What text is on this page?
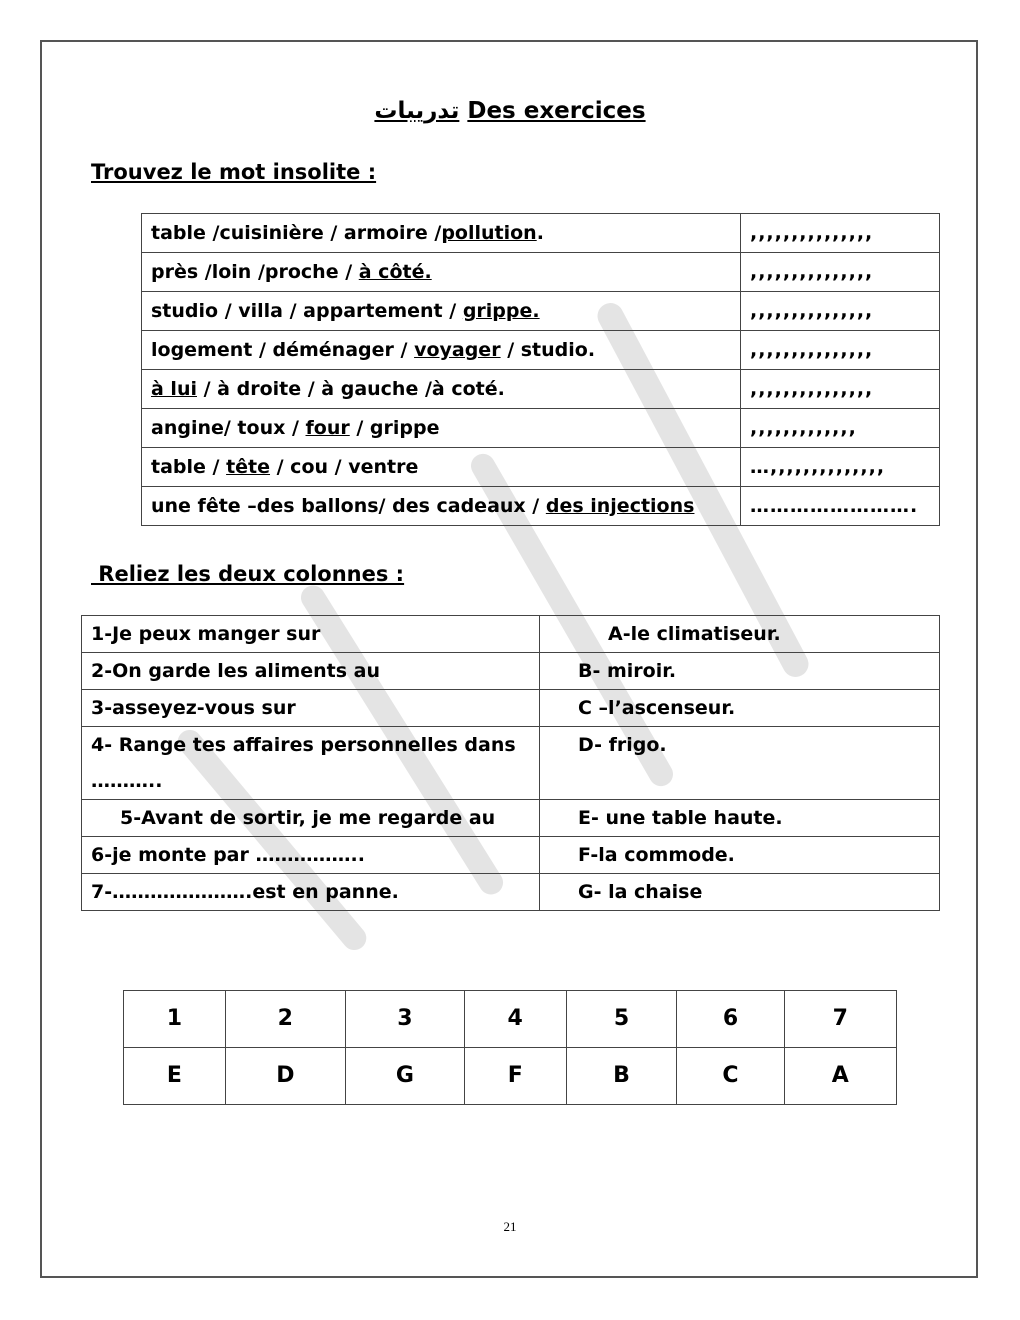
تدريبات Des exercices
Trouvez le mot insolite :
table /cuisinière / armoire /pollution.	,,,,,,,,,,,,,,,
près /loin /proche / à côté.	,,,,,,,,,,,,,,,
studio / villa / appartement / grippe.	,,,,,,,,,,,,,,,
logement / déménager / voyager / studio.	,,,,,,,,,,,,,,,
à lui / à droite / à gauche /à coté.	,,,,,,,,,,,,,,,
angine/ toux / four / grippe	,,,,,,,,,,,,,
table / tête / cou / ventre	…,,,,,,,,,,,,,,
une fête –des ballons/ des cadeaux / des injections	…………………….
Reliez les deux colonnes :
1-Je peux manger sur	A-le climatiseur.
2-On garde les aliments au	B- miroir.
3-asseyez-vous sur	C –l’ascenseur.
4- Range tes affaires personnelles dans ………..	D- frigo.
5-Avant de sortir, je me regarde au	E- une table haute.
6-je monte par ……………..	F-la commode.
7-………………….est en panne.	G- la chaise
1	2	3	4	5	6	7
E	D	G	F	B	C	A
21
